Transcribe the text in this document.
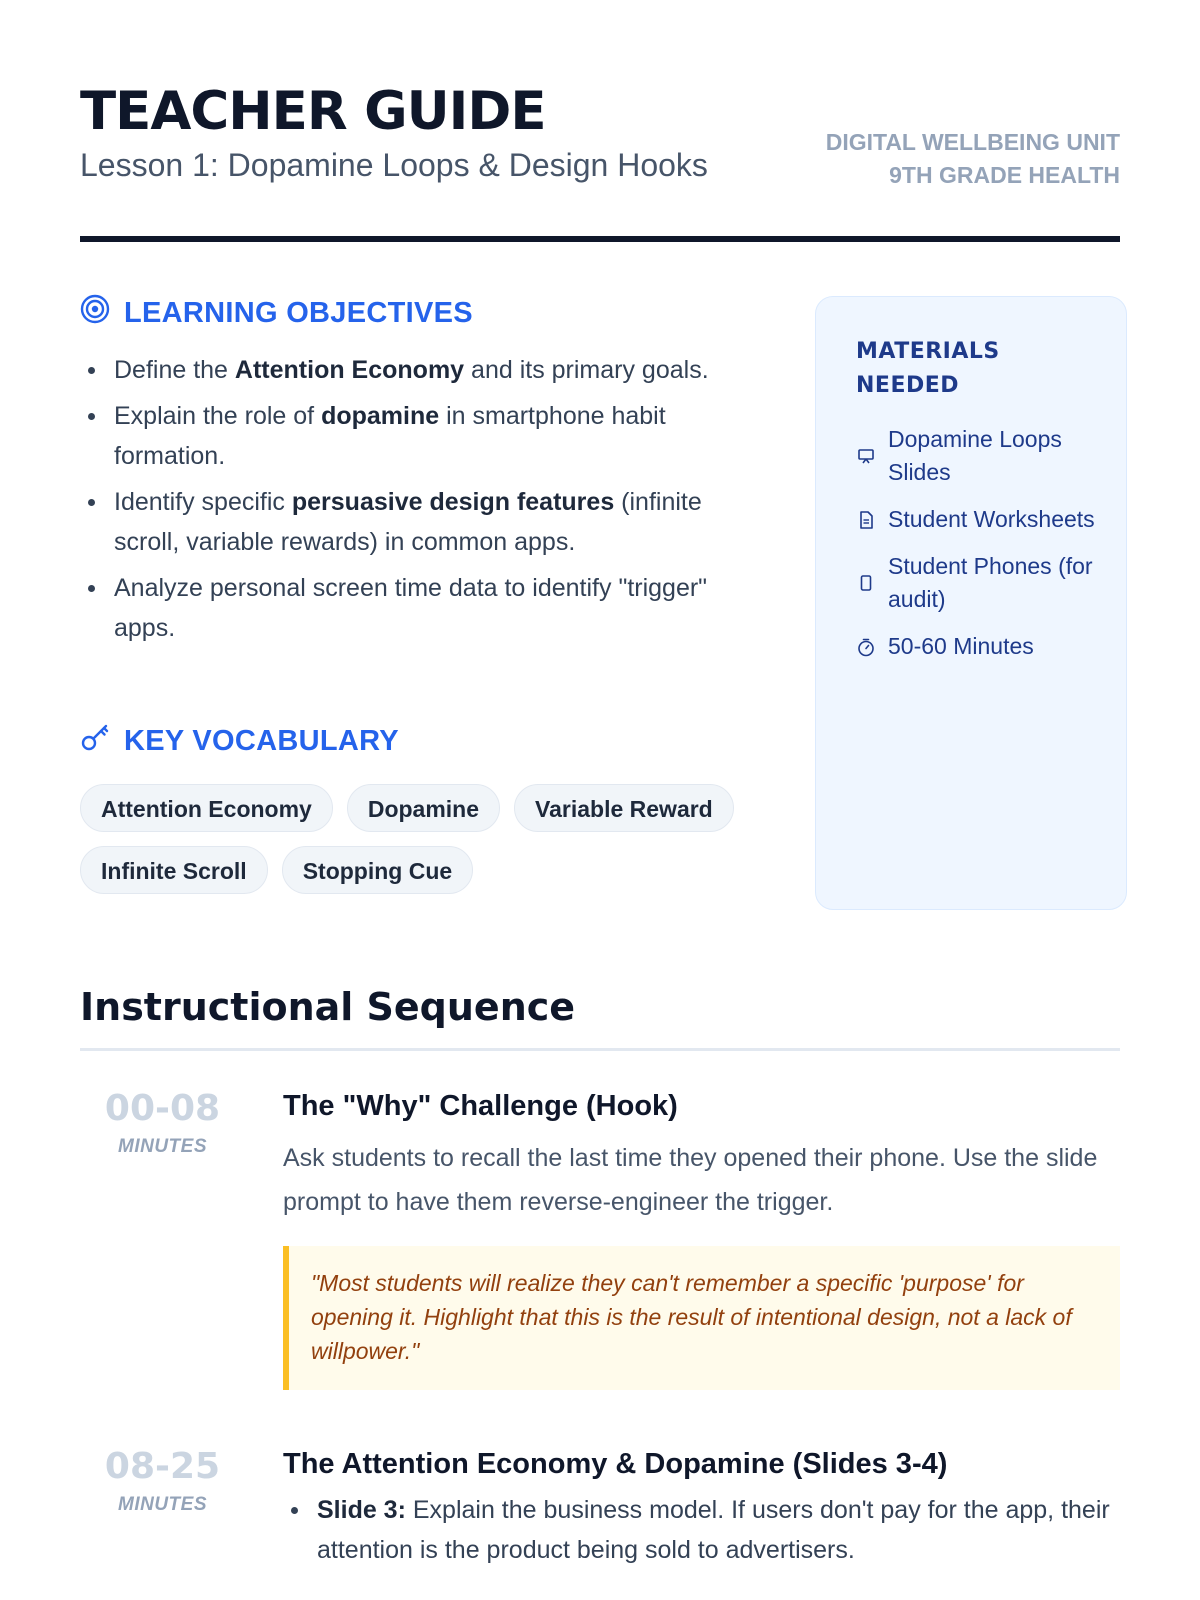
TEACHER GUIDE
Lesson 1: Dopamine Loops & Design Hooks
DIGITAL WELLBEING UNIT
9TH GRADE HEALTH
LEARNING OBJECTIVES
Define the Attention Economy and its primary goals.
Explain the role of dopamine in smartphone habit formation.
Identify specific persuasive design features (infinite scroll, variable rewards) in common apps.
Analyze personal screen time data to identify "trigger" apps.
KEY VOCABULARY
Attention Economy	Dopamine	Variable Reward
Infinite Scroll	Stopping Cue
MATERIALS
NEEDED
Dopamine Loops Slides
Student Worksheets
Student Phones (for audit)
50-60 Minutes
Instructional Sequence
00-08
MINUTES
The "Why" Challenge (Hook)
Ask students to recall the last time they opened their phone. Use the slide prompt to have them reverse-engineer the trigger.
"Most students will realize they can't remember a specific 'purpose' for opening it. Highlight that this is the result of intentional design, not a lack of willpower."
08-25
MINUTES
The Attention Economy & Dopamine (Slides 3-4)
Slide 3: Explain the business model. If users don't pay for the app, their attention is the product being sold to advertisers.
